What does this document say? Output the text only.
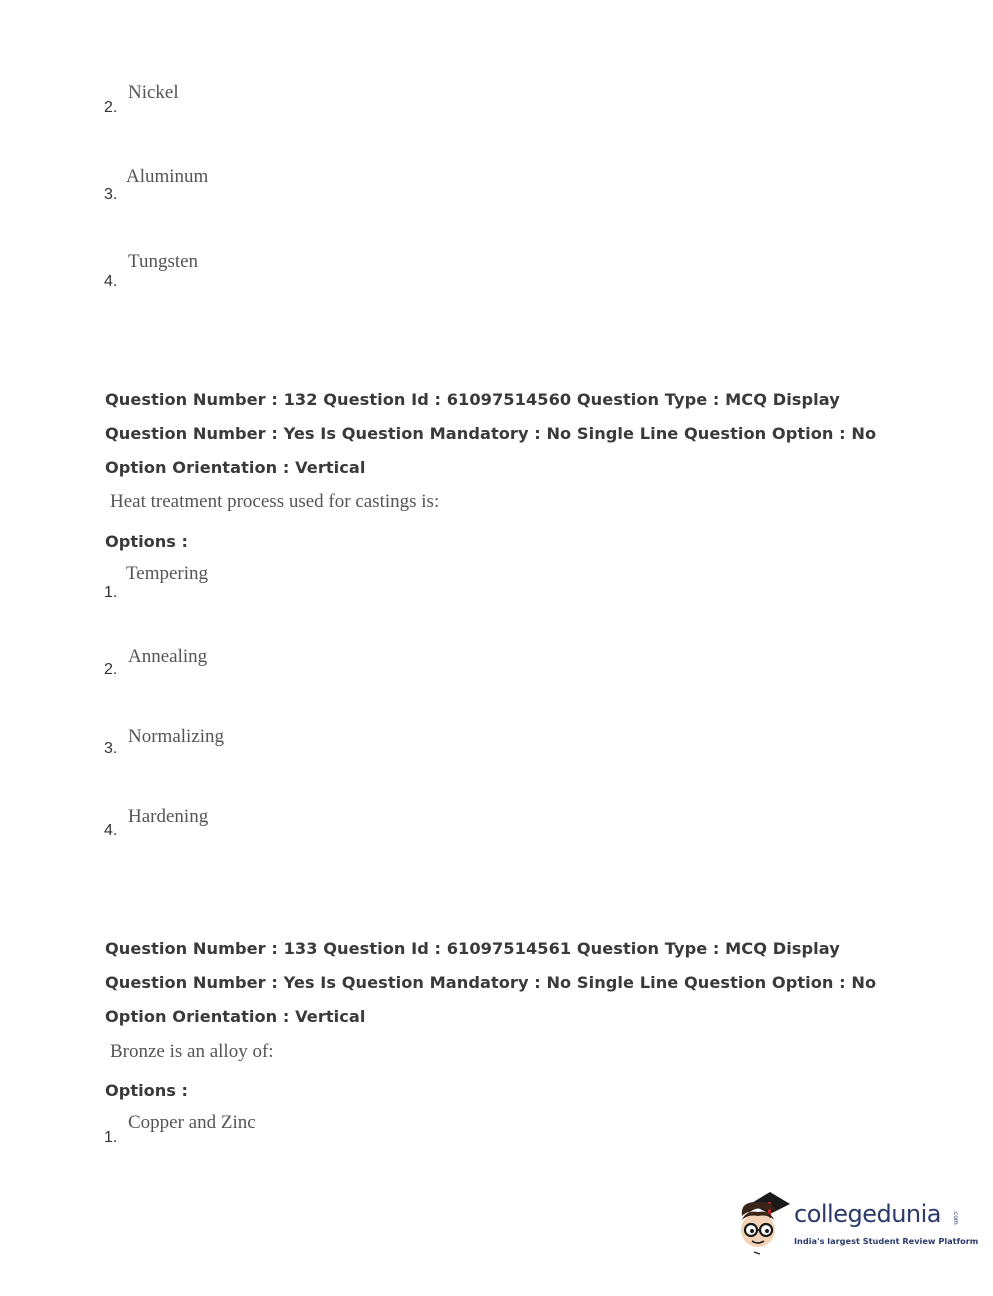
2.
Nickel
3.
Aluminum
4.
Tungsten
Question Number : 132 Question Id : 61097514560 Question Type : MCQ Display Question Number : Yes Is Question Mandatory : No Single Line Question Option : No Option Orientation : Vertical
Heat treatment process used for castings is:
Options :
1.
Tempering
2.
Annealing
3.
Normalizing
4.
Hardening
Question Number : 133 Question Id : 61097514561 Question Type : MCQ Display Question Number : Yes Is Question Mandatory : No Single Line Question Option : No Option Orientation : Vertical
Bronze is an alloy of:
Options :
1.
Copper and Zinc
collegedunia .com
India's largest Student Review Platform
